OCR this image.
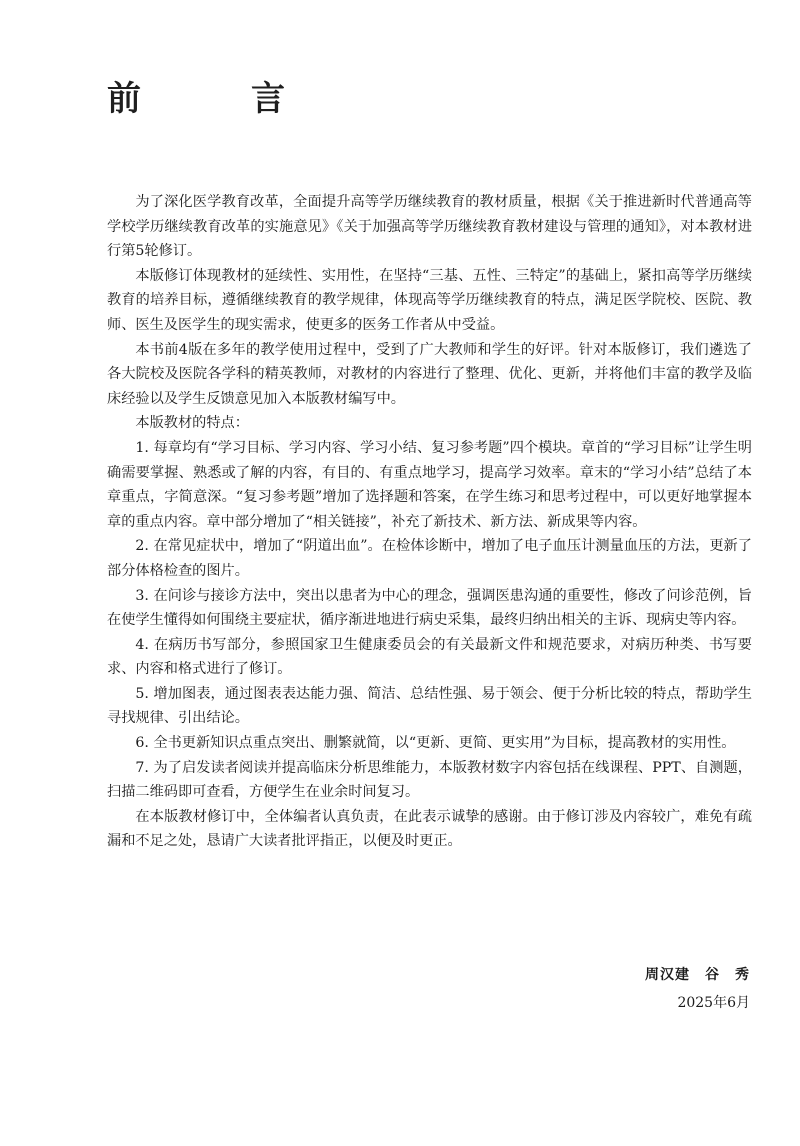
前　言

为了深化医学教育改革，全面提升高等学历继续教育的教材质量，根据《关于推进新时代普通高等学校学历继续教育改革的实施意见》《关于加强高等学历继续教育教材建设与管理的通知》，对本教材进行第5轮修订。

本版修订体现教材的延续性、实用性，在坚持“三基、五性、三特定”的基础上，紧扣高等学历继续教育的培养目标，遵循继续教育的教学规律，体现高等学历继续教育的特点，满足医学院校、医院、教师、医生及医学生的现实需求，使更多的医务工作者从中受益。

本书前4版在多年的教学使用过程中，受到了广大教师和学生的好评。针对本版修订，我们遴选了各大院校及医院各学科的精英教师，对教材的内容进行了整理、优化、更新，并将他们丰富的教学及临床经验以及学生反馈意见加入本版教材编写中。

本版教材的特点：

1. 每章均有“学习目标、学习内容、学习小结、复习参考题”四个模块。章首的“学习目标”让学生明确需要掌握、熟悉或了解的内容，有目的、有重点地学习，提高学习效率。章末的“学习小结”总结了本章重点，字简意深。“复习参考题”增加了选择题和答案，在学生练习和思考过程中，可以更好地掌握本章的重点内容。章中部分增加了“相关链接”，补充了新技术、新方法、新成果等内容。

2. 在常见症状中，增加了“阴道出血”。在检体诊断中，增加了电子血压计测量血压的方法，更新了部分体格检查的图片。

3. 在问诊与接诊方法中，突出以患者为中心的理念，强调医患沟通的重要性，修改了问诊范例，旨在使学生懂得如何围绕主要症状，循序渐进地进行病史采集，最终归纳出相关的主诉、现病史等内容。

4. 在病历书写部分，参照国家卫生健康委员会的有关最新文件和规范要求，对病历种类、书写要求、内容和格式进行了修订。

5. 增加图表，通过图表表达能力强、简洁、总结性强、易于领会、便于分析比较的特点，帮助学生寻找规律、引出结论。

6. 全书更新知识点重点突出、删繁就简，以“更新、更简、更实用”为目标，提高教材的实用性。

7. 为了启发读者阅读并提高临床分析思维能力，本版教材数字内容包括在线课程、PPT、自测题，扫描二维码即可查看，方便学生在业余时间复习。

在本版教材修订中，全体编者认真负责，在此表示诚挚的感谢。由于修订涉及内容较广，难免有疏漏和不足之处，恳请广大读者批评指正，以便及时更正。

周汉建　谷　秀
2025年6月
